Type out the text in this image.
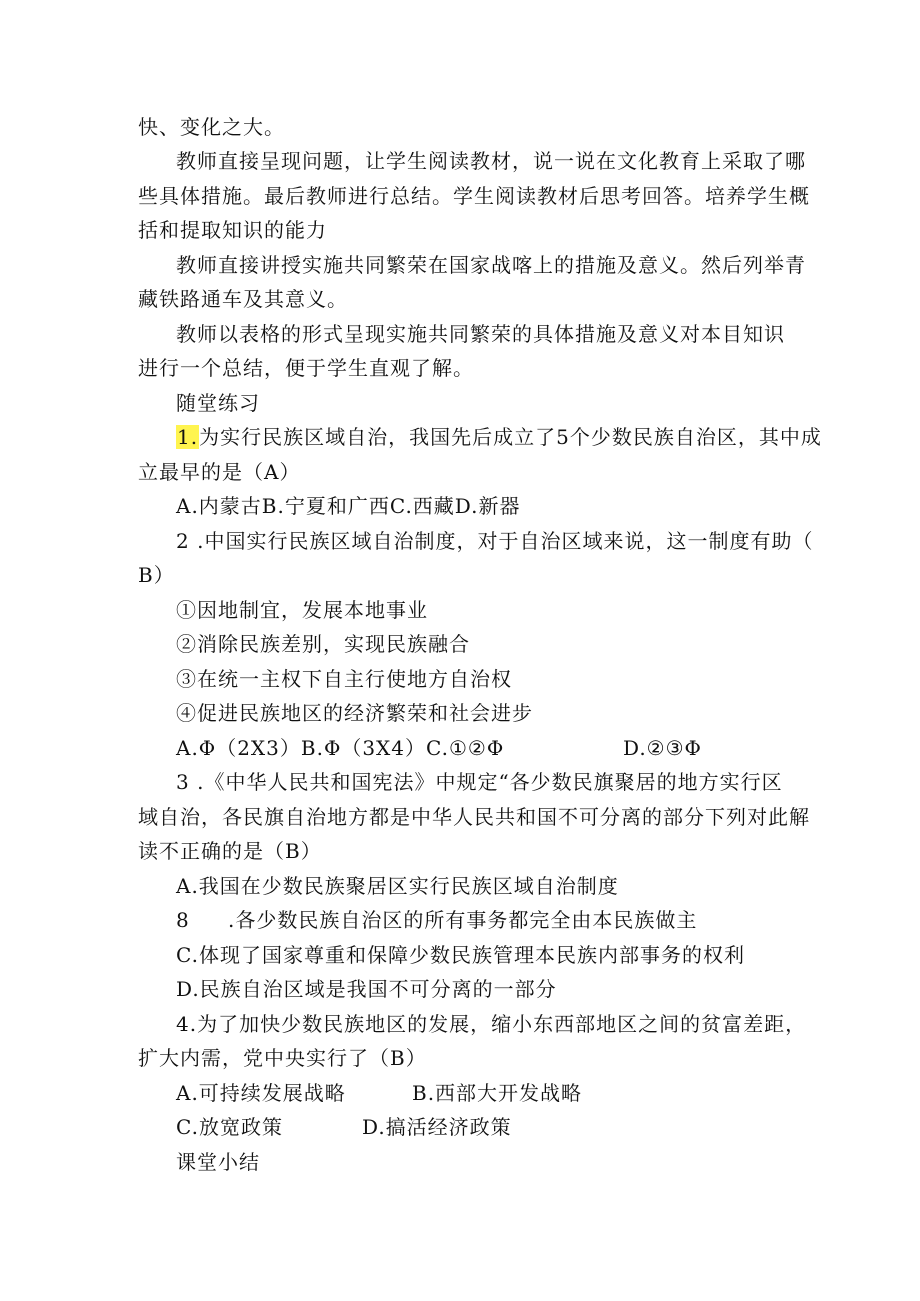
快、变化之大。
教师直接呈现问题，让学生阅读教材，说一说在文化教育上采取了哪
些具体措施。最后教师进行总结。学生阅读教材后思考回答。培养学生概
括和提取知识的能力
教师直接讲授实施共同繁荣在国家战喀上的措施及意义。然后列举青
藏铁路通车及其意义。
教师以表格的形式呈现实施共同繁荣的具体措施及意义对本目知识
进行一个总结，便于学生直观了解。
随堂练习
1.为实行民族区域自治，我国先后成立了5个少数民族自治区，其中成
立最早的是（A）
A.内蒙古B.宁夏和广西C.西藏D.新器
2 .中国实行民族区域自治制度，对于自治区域来说，这一制度有助（
B）
①因地制宜，发展本地事业
②消除民族差别，实现民族融合
③在统一主权下自主行使地方自治权
④促进民族地区的经济繁荣和社会进步
A.Φ（2X3）B.Φ（3X4）C.①②Φ	D.②③Φ
3 .《中华人民共和国宪法》中规定“各少数民旗聚居的地方实行区
域自治，各民旗自治地方都是中华人民共和国不可分离的部分下列对此解
读不正确的是（B）
A.我国在少数民族聚居区实行民族区域自治制度
8 .各少数民族自治区的所有事务都完全由本民族做主
C.体现了国家尊重和保障少数民族管理本民族内部事务的权利
D.民族自治区域是我国不可分离的一部分
4.为了加快少数民族地区的发展，缩小东西部地区之间的贫富差距，
扩大内需，党中央实行了（B）
A.可持续发展战略	B.西部大开发战略
C.放宽政策	D.搞活经济政策
课堂小结
